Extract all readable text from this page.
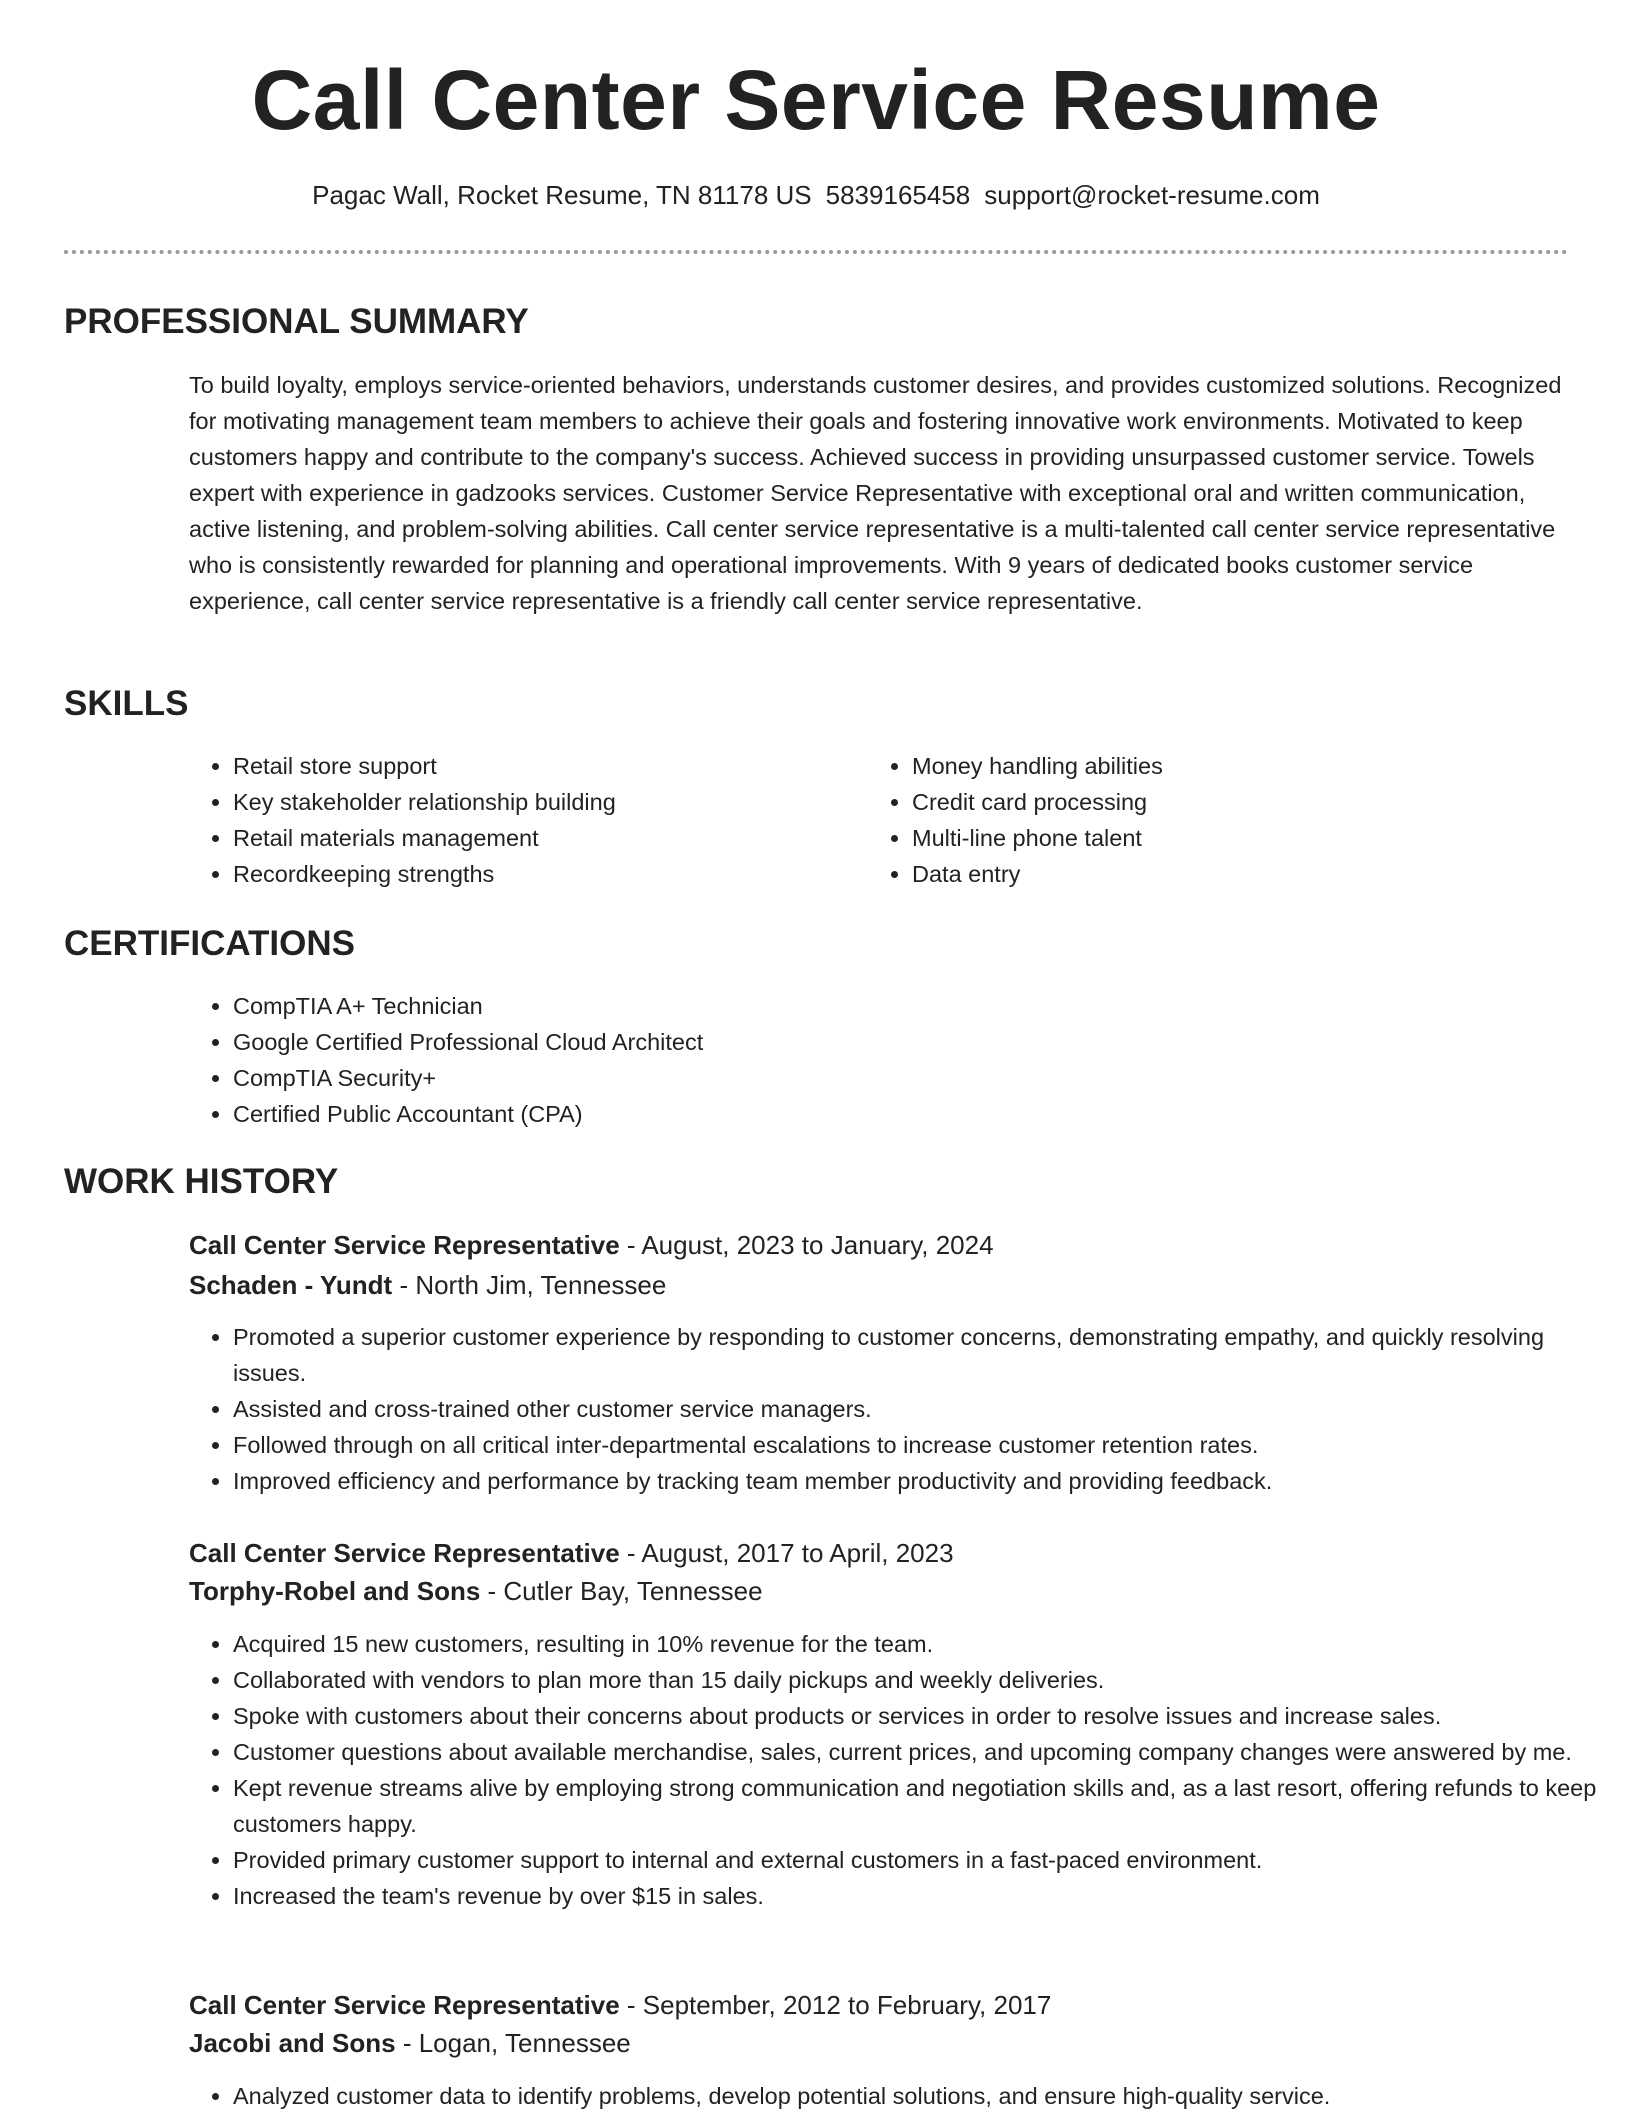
Call Center Service Resume
Pagac Wall, Rocket Resume, TN 81178 US 5839165458 support@rocket-resume.com
PROFESSIONAL SUMMARY

To build loyalty, employs service-oriented behaviors, understands customer desires, and provides customized solutions. Recognized for motivating management team members to achieve their goals and fostering innovative work environments. Motivated to keep customers happy and contribute to the company's success. Achieved success in providing unsurpassed customer service. Towels expert with experience in gadzooks services. Customer Service Representative with exceptional oral and written communication, active listening, and problem-solving abilities. Call center service representative is a multi-talented call center service representative who is consistently rewarded for planning and operational improvements. With 9 years of dedicated books customer service experience, call center service representative is a friendly call center service representative.

SKILLS
• Retail store support
• Key stakeholder relationship building
• Retail materials management
• Recordkeeping strengths
• Money handling abilities
• Credit card processing
• Multi-line phone talent
• Data entry
CERTIFICATIONS
• CompTIA A+ Technician
• Google Certified Professional Cloud Architect
• CompTIA Security+
• Certified Public Accountant (CPA)
WORK HISTORY
Call Center Service Representative - August, 2023 to January, 2024
Schaden - Yundt - North Jim, Tennessee
• Promoted a superior customer experience by responding to customer concerns, demonstrating empathy, and quickly resolving issues.
• Assisted and cross-trained other customer service managers.
• Followed through on all critical inter-departmental escalations to increase customer retention rates.
• Improved efficiency and performance by tracking team member productivity and providing feedback.
Call Center Service Representative - August, 2017 to April, 2023
Torphy-Robel and Sons - Cutler Bay, Tennessee
• Acquired 15 new customers, resulting in 10% revenue for the team.
• Collaborated with vendors to plan more than 15 daily pickups and weekly deliveries.
• Spoke with customers about their concerns about products or services in order to resolve issues and increase sales.
• Customer questions about available merchandise, sales, current prices, and upcoming company changes were answered by me.
• Kept revenue streams alive by employing strong communication and negotiation skills and, as a last resort, offering refunds to keep customers happy.
• Provided primary customer support to internal and external customers in a fast-paced environment.
• Increased the team's revenue by over $15 in sales.
Call Center Service Representative - September, 2012 to February, 2017
Jacobi and Sons - Logan, Tennessee
• Analyzed customer data to identify problems, develop potential solutions, and ensure high-quality service.
